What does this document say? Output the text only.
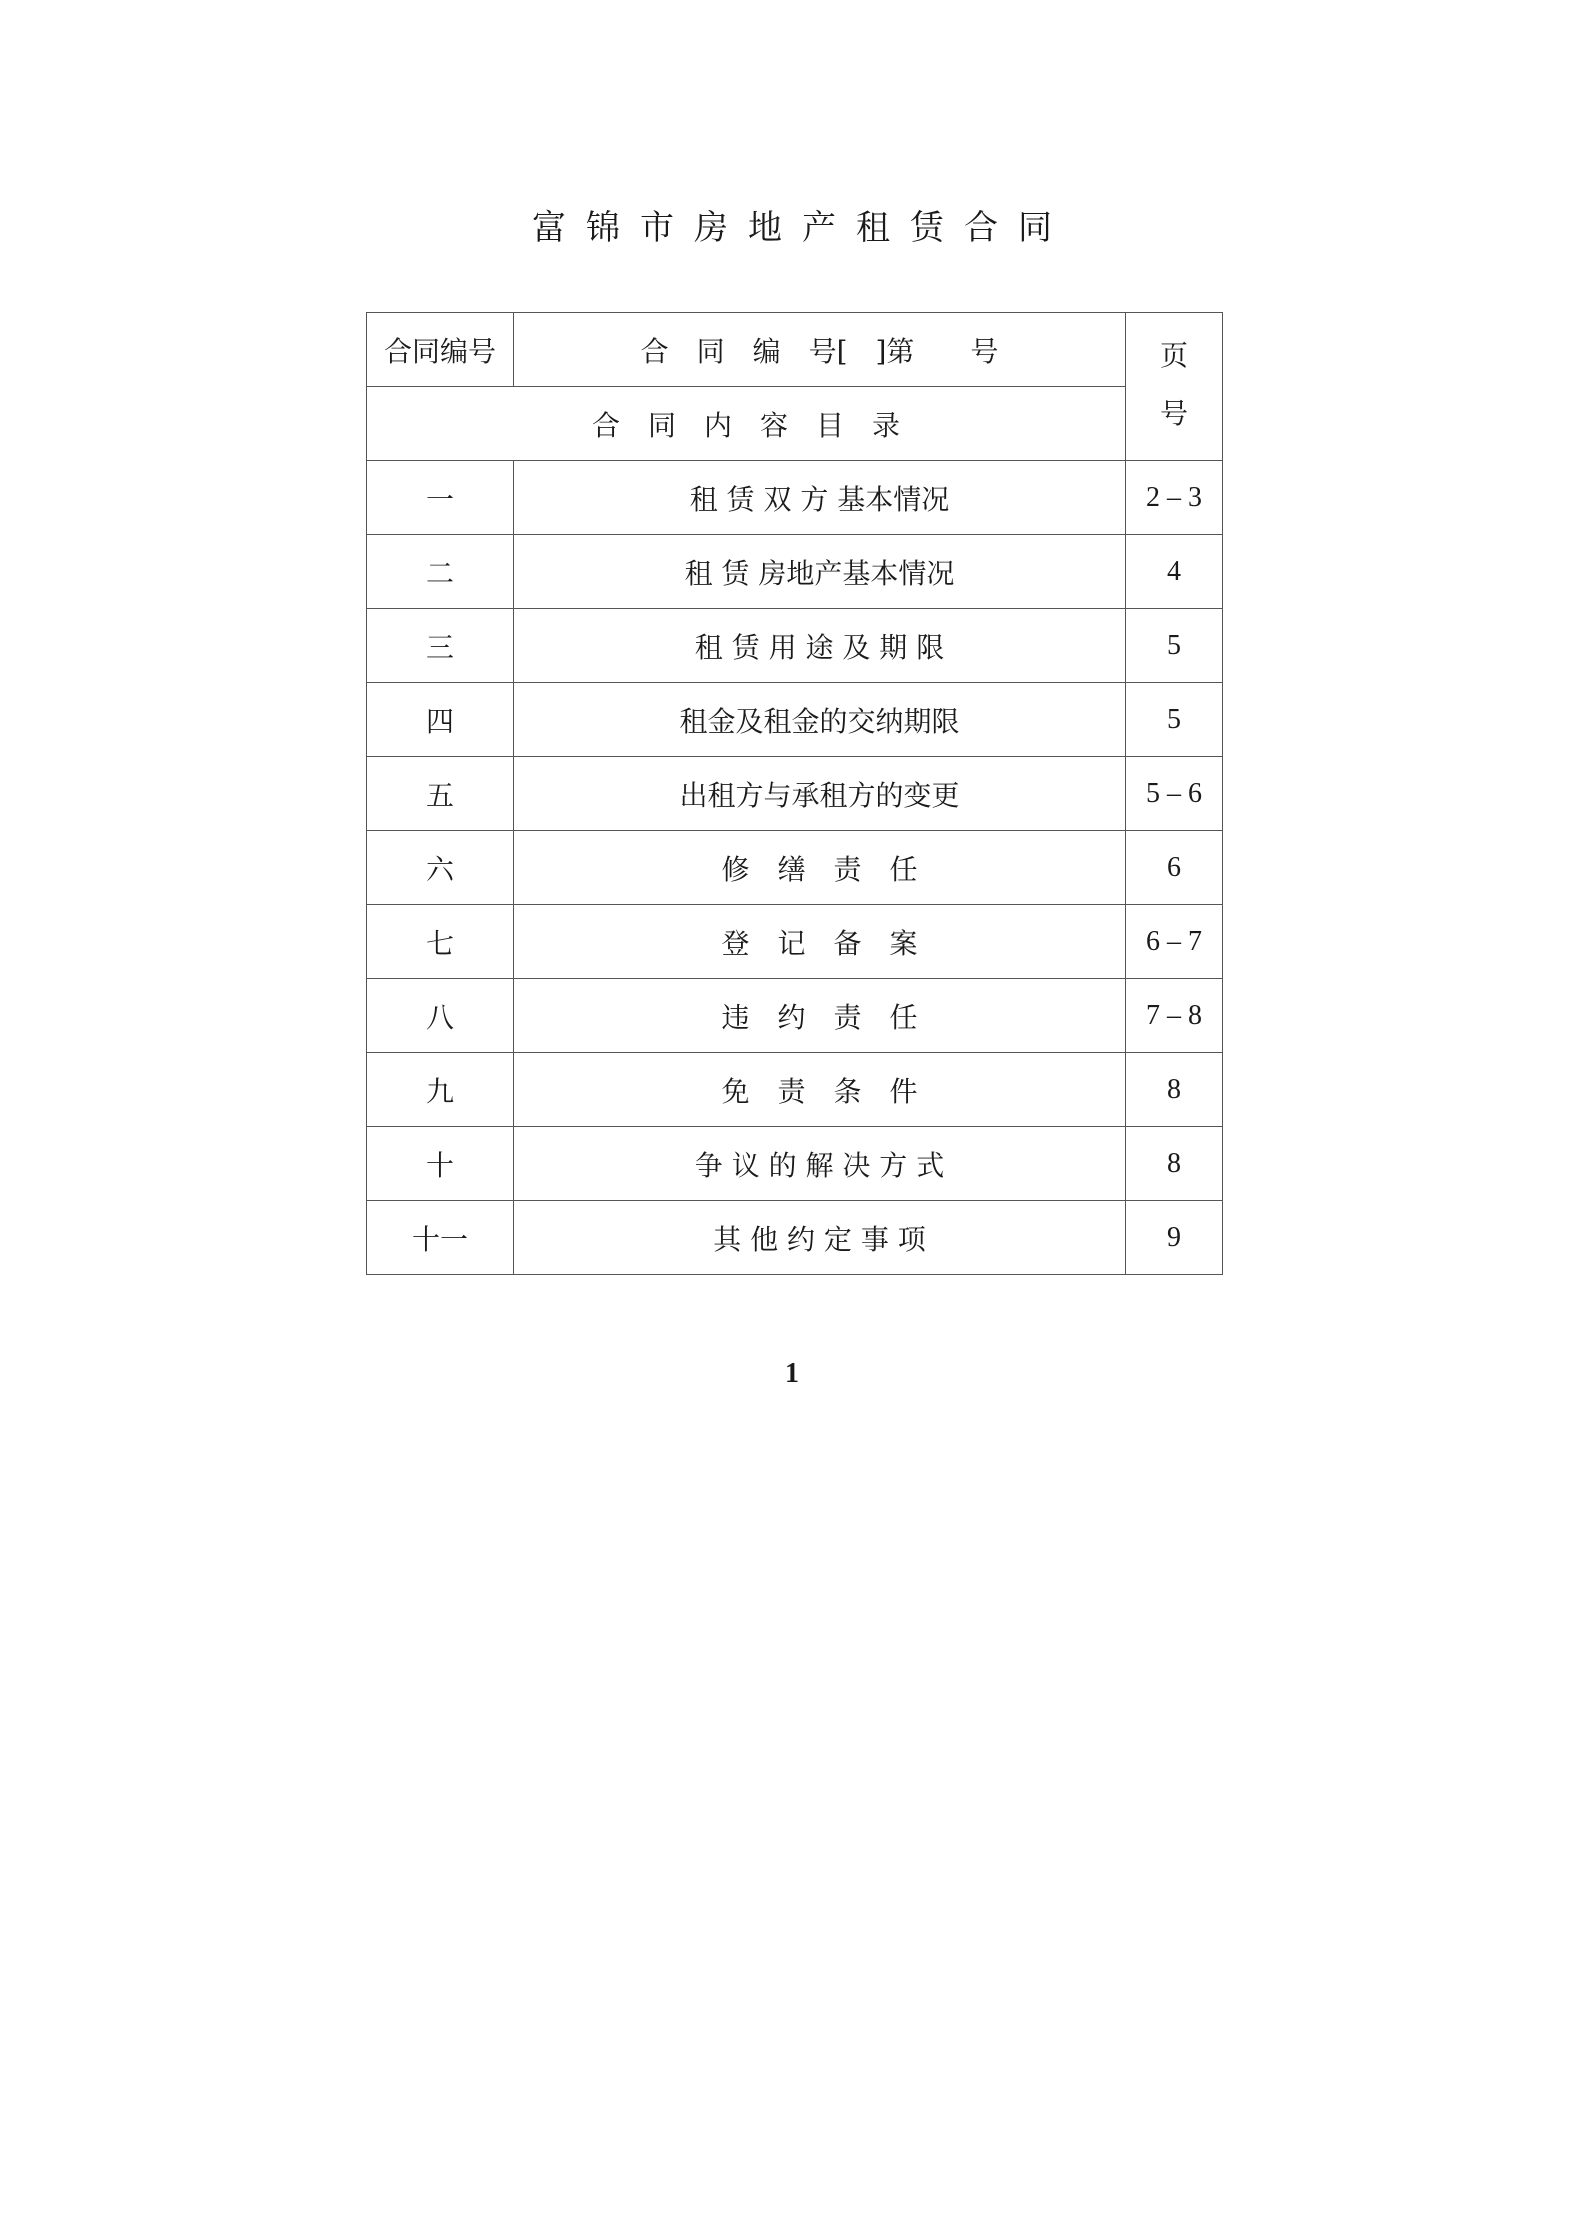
富锦市房地产租赁合同
合同编号	合　同　编　号[　]第　　号	页
号

合　同　内　容　目　录		
一	租 赁 双 方 基本情况	2 – 3
二	租 赁 房地产基本情况	4
三	租 赁 用 途 及 期 限	5
四	租金及租金的交纳期限	5
五	出租方与承租方的变更	5 – 6
六	修　缮　责　任	6
七	登　记　备　案	6 – 7
八	违　约　责　任	7 – 8
九	免　责　条　件	8
十	争 议 的 解 决 方 式	8
十一	其 他 约 定 事 项	9
1
